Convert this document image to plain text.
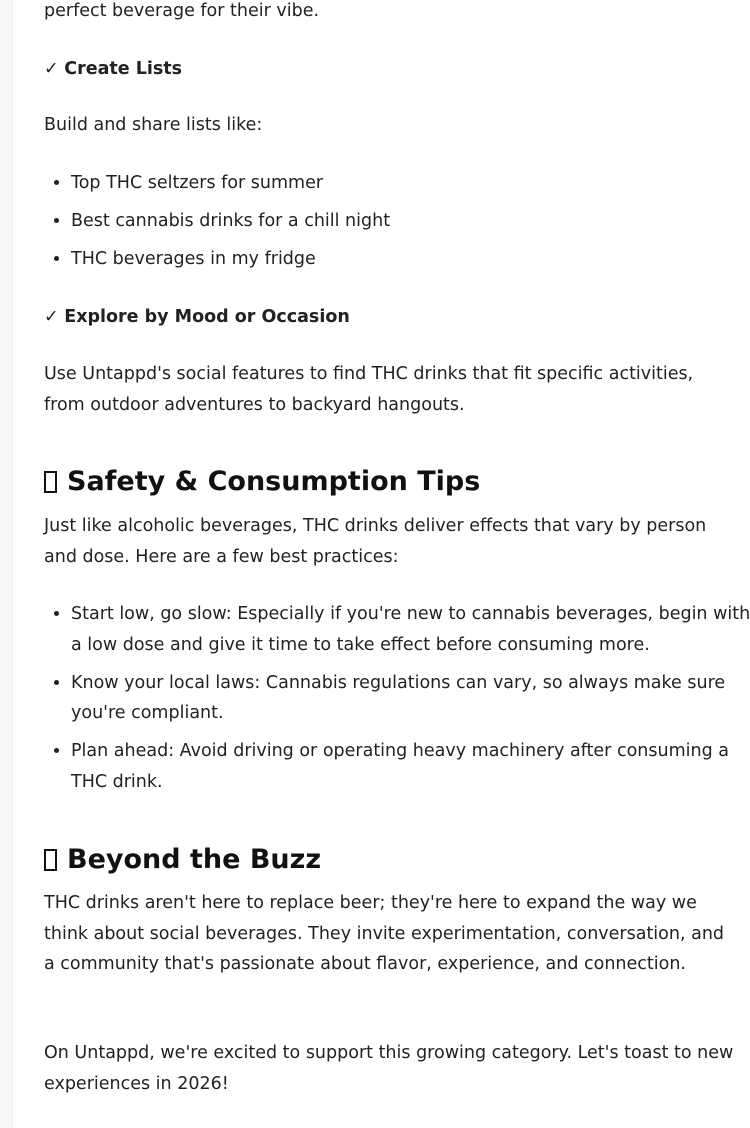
perfect beverage for their vibe.

✓ Create Lists

Build and share lists like:

• Top THC seltzers for summer
• Best cannabis drinks for a chill night
• THC beverages in my fridge

✓ Explore by Mood or Occasion

Use Untappd's social features to find THC drinks that fit specific activities, from outdoor adventures to backyard hangouts.

Safety & Consumption Tips

Just like alcoholic beverages, THC drinks deliver effects that vary by person and dose. Here are a few best practices:

• Start low, go slow: Especially if you're new to cannabis beverages, begin with a low dose and give it time to take effect before consuming more.
• Know your local laws: Cannabis regulations can vary, so always make sure you're compliant.
• Plan ahead: Avoid driving or operating heavy machinery after consuming a THC drink.
Beyond the Buzz

THC drinks aren't here to replace beer; they're here to expand the way we think about social beverages. They invite experimentation, conversation, and a community that's passionate about flavor, experience, and connection.

On Untappd, we're excited to support this growing category. Let's toast to new experiences in 2026!
